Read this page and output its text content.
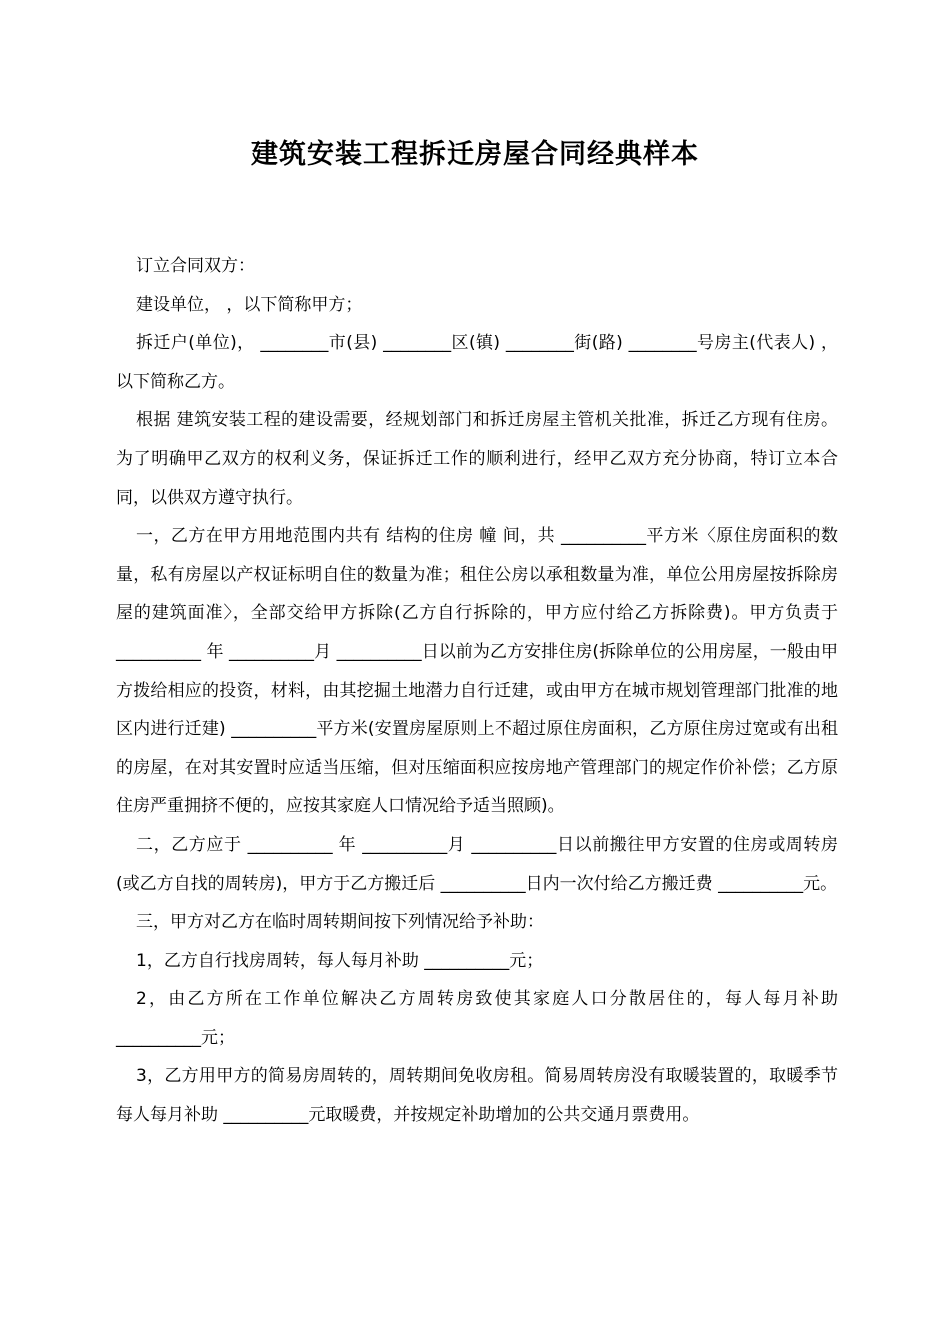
建筑安装工程拆迁房屋合同经典样本

订立合同双方：

建设单位， ，以下简称甲方；

拆迁户(单位)， ________市(县) ________区(镇) ________街(路) ________号房主(代表人) ，以下简称乙方。

根据 建筑安装工程的建设需要，经规划部门和拆迁房屋主管机关批准，拆迁乙方现有住房。为了明确甲乙双方的权利义务，保证拆迁工作的顺利进行，经甲乙双方充分协商，特订立本合同，以供双方遵守执行。

一，乙方在甲方用地范围内共有 结构的住房 幢 间，共 __________平方米〈原住房面积的数量，私有房屋以产权证标明自住的数量为准；租住公房以承租数量为准，单位公用房屋按拆除房屋的建筑面准〉，全部交给甲方拆除(乙方自行拆除的，甲方应付给乙方拆除费)。甲方负责于 __________ 年 __________月 __________日以前为乙方安排住房(拆除单位的公用房屋，一般由甲方拨给相应的投资，材料，由其挖掘土地潜力自行迁建，或由甲方在城市规划管理部门批准的地区内进行迁建) __________平方米(安置房屋原则上不超过原住房面积，乙方原住房过宽或有出租的房屋，在对其安置时应适当压缩，但对压缩面积应按房地产管理部门的规定作价补偿；乙方原住房严重拥挤不便的，应按其家庭人口情况给予适当照顾)。

二，乙方应于 __________ 年 __________月 __________日以前搬往甲方安置的住房或周转房(或乙方自找的周转房)，甲方于乙方搬迁后 __________日内一次付给乙方搬迁费 __________元。

三，甲方对乙方在临时周转期间按下列情况给予补助：

1，乙方自行找房周转，每人每月补助 __________元；

2，由乙方所在工作单位解决乙方周转房致使其家庭人口分散居住的，每人每月补助 __________元；

3，乙方用甲方的简易房周转的，周转期间免收房租。简易周转房没有取暖装置的，取暖季节每人每月补助 __________元取暖费，并按规定补助增加的公共交通月票费用。
